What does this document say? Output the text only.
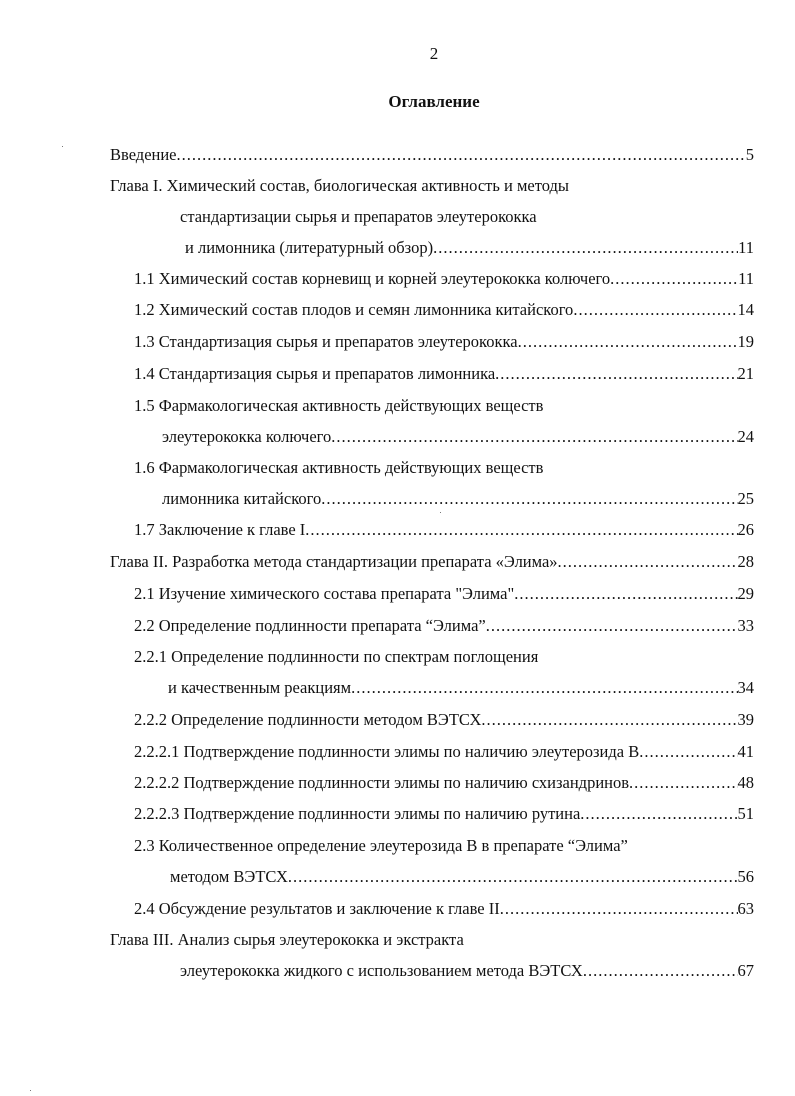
2
Оглавление
Введение .....	5
Глава I. Химический состав, биологическая активность и методы
стандартизации сырья и препаратов элеутерококка
и лимонника (литературный обзор) .....	11
1.1 Химический состав корневищ и корней элеутерококка колючего .....	11
1.2 Химический состав плодов и семян лимонника китайского .....	14
1.3 Стандартизация сырья и препаратов элеутерококка .....	19
1.4 Стандартизация сырья и препаратов лимонника .....	21
1.5 Фармакологическая активность действующих веществ
элеутерококка колючего .....	24
1.6 Фармакологическая активность действующих веществ
лимонника китайского .....	25
1.7 Заключение к главе I .....	26
Глава II. Разработка метода стандартизации препарата «Элима» .....	28
2.1 Изучение химического состава препарата "Элима" .....	29
2.2 Определение подлинности препарата “Элима” .....	33
2.2.1 Определение подлинности по спектрам поглощения
и качественным реакциям .....	34
2.2.2 Определение подлинности методом ВЭТСХ .....	39
2.2.2.1 Подтверждение подлинности элимы по наличию элеутерозида В .....	41
2.2.2.2 Подтверждение подлинности элимы по наличию схизандринов .....	48
2.2.2.3 Подтверждение подлинности элимы по наличию рутина .....	51
2.3 Количественное определение элеутерозида В в препарате “Элима”
методом ВЭТСХ .....	56
2.4 Обсуждение результатов и заключение к главе II .....	63
Глава III. Анализ сырья элеутерококка и экстракта
элеутерококка жидкого с использованием метода ВЭТСХ .....	67
